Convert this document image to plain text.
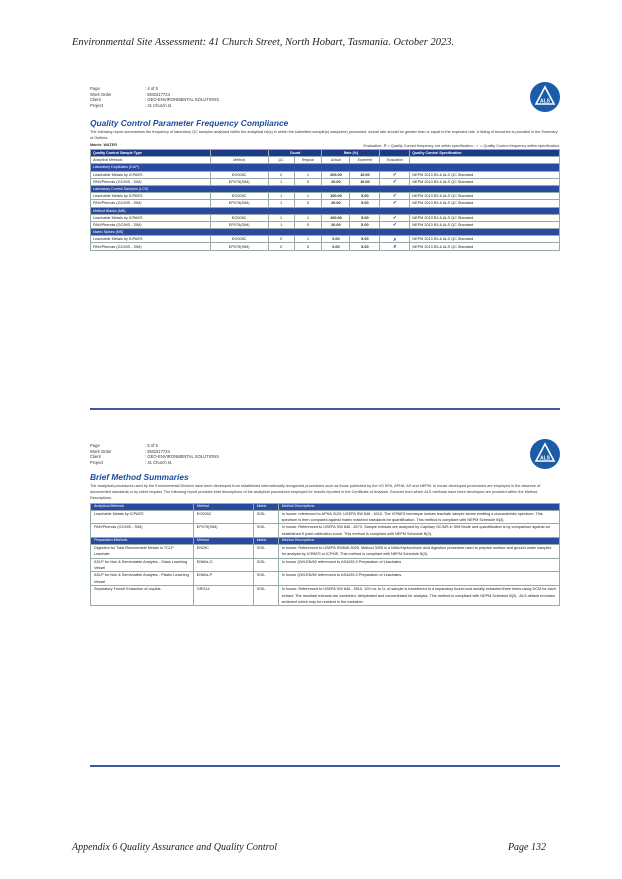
Environmental Site Assessment: 41 Church Street, North Hobart, Tasmania. October 2023.
Appendix 6 Quality Assurance and Quality Control	Page 132
Page	: 4 of 5
Work Order	: EM2317724
Client	: GEO-ENVIRONMENTAL SOLUTIONS
Project	: 41 Church st.
ALS
Quality Control Parameter Frequency Compliance
The following report summarises the frequency of laboratory QC samples analysed within the analytical lot(s) in which the submitted sample(s) was(were) processed. Actual rate should be greater than or equal to the expected rate. A listing of breaches is provided in the Summary of Outliers.
Matrix: WATER	Evaluation: ✗ = Quality Control frequency not within specification ; ✓ = Quality Control frequency within specification.
Quality Control Sample Type		Count		Rate (%)			Quality Control Specification
Analytical Methods	Method	QC	Regular	Actual	Expected	Evaluation	
Laboratory Duplicates (DUP)							
Leachable Metals by ICPAES	EG005C	2	1	200.00	10.00	✓	NEPM 2013 B3 & ALS QC Standard
PAH/Phenols (GC/MS - SIM)	EP075(SIM)	1	5	20.00	10.00	✓	NEPM 2013 B3 & ALS QC Standard
Laboratory Control Samples (LCS)							
Leachable Metals by ICPAES	EG005C	1	1	100.00	5.00	✓	NEPM 2013 B3 & ALS QC Standard
PAH/Phenols (GC/MS - SIM)	EP075(SIM)	1	5	20.00	5.00	✓	NEPM 2013 B3 & ALS QC Standard
Method Blanks (MB)							
Leachable Metals by ICPAES	EG005C	1	1	100.00	5.00	✓	NEPM 2013 B3 & ALS QC Standard
PAH/Phenols (GC/MS - SIM)	EP075(SIM)	1	5	20.00	5.00	✓	NEPM 2013 B3 & ALS QC Standard
Matrix Spikes (MS)							
Leachable Metals by ICPAES	EG005C	0	1	0.00	5.00	✗	NEPM 2013 B3 & ALS QC Standard
PAH/Phenols (GC/MS - SIM)	EP075(SIM)	0	5	0.00	5.00	✗	NEPM 2013 B3 & ALS QC Standard
Page	: 5 of 5
Work Order	: EM2317724
Client	: GEO-ENVIRONMENTAL SOLUTIONS
Project	: 41 Church st.
ALS
Brief Method Summaries
The analytical procedures used by the Environmental Division have been developed from established internationally recognized procedures such as those published by the US EPA, APHA, AS and NEPM. In house developed procedures are employed in the absence of documented standards or by client request. The following report provides brief descriptions of the analytical procedures employed for results reported in the Certificate of Analysis. Sources from which ALS methods have been developed are provided within the Method Descriptions.
Analytical Methods	Method	Matrix	Method Descriptions
Leachable Metals by ICPAES	EG005C	SOIL	In house: referenced to APHA 3120; USEPA SW 846 - 6010. The ICPAES technique ionises leachate sample atoms emitting a characteristic spectrum. This spectrum is then compared against matrix matched standards for quantification. This method is compliant with NEPM Schedule B(3).
PAH/Phenols (GC/MS - SIM)	EP075(SIM)	SOIL	In house: Referenced to USEPA SW 846 - 8270. Sample extracts are analysed by Capillary GC/MS in SIM Mode and quantification is by comparison against an established 5 point calibration curve. This method is compliant with NEPM Schedule B(3).
Preparation Methods	Method	Matrix	Method Descriptions
Digestion for Total Recoverable Metals in TCLP Leachate	EN25C	SOIL	In house: Referenced to USEPA SW846-3005. Method 3005 is a Nitric/Hydrochloric acid digestion procedure used to prepare surface and ground water samples for analysis by ICPAES or ICPMS. This method is compliant with NEPM Schedule B(3).
ASLP for Non & Semivolatile Analytes - Glass Leaching Vessel	EN60a-G	SOIL	In house QWI-EN/60 referenced to AS4439.3 Preparation of Leachates
ASLP for Non & Semivolatile Analytes - Plastic Leaching Vessel	EN60a-P	SOIL	In house QWI-EN/60 referenced to AS4439.3 Preparation of Leachates.
Separatory Funnel Extraction of Liquids	ORG14	SOIL	In house: Referenced to USEPA SW 846 - 3510. 100 mL to 1L of sample is transferred to a separatory funnel and serially extracted three times using DCM for each extract. The resultant extracts are combined, dehydrated and concentrated for analysis. This method is compliant with NEPM Schedule B(3) . ALS default excludes sediment which may be resident in the container.
